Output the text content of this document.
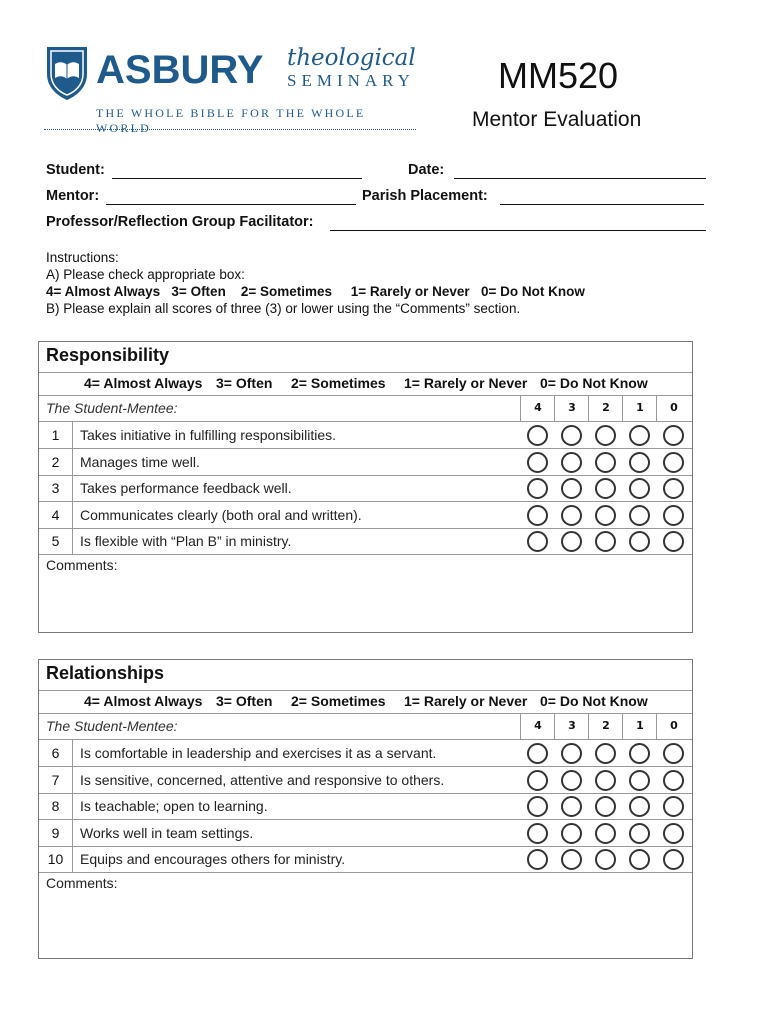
ASBURY theological
SEMINARY
THE WHOLE BIBLE FOR THE WHOLE WORLD
MM520
Mentor Evaluation
Student:	Date:
Mentor:	Parish Placement:
Professor/Reflection Group Facilitator:
Instructions:
A) Please check appropriate box:
4= Almost Always   3= Often    2= Sometimes     1= Rarely or Never   0= Do Not Know
B) Please explain all scores of three (3) or lower using the “Comments” section.
Responsibility
4= Almost Always 3= Often 2= Sometimes 1= Rarely or Never 0= Do Not Know
The Student-Mentee:	4	3	2	1	0
1	Takes initiative in fulfilling responsibilities.
2	Manages time well.
3	Takes performance feedback well.
4	Communicates clearly (both oral and written).
5	Is flexible with “Plan B” in ministry.
Comments:
Relationships
4= Almost Always 3= Often 2= Sometimes 1= Rarely or Never 0= Do Not Know
The Student-Mentee:	4	3	2	1	0
6	Is comfortable in leadership and exercises it as a servant.
7	Is sensitive, concerned, attentive and responsive to others.
8	Is teachable; open to learning.
9	Works well in team settings.
10	Equips and encourages others for ministry.
Comments:
